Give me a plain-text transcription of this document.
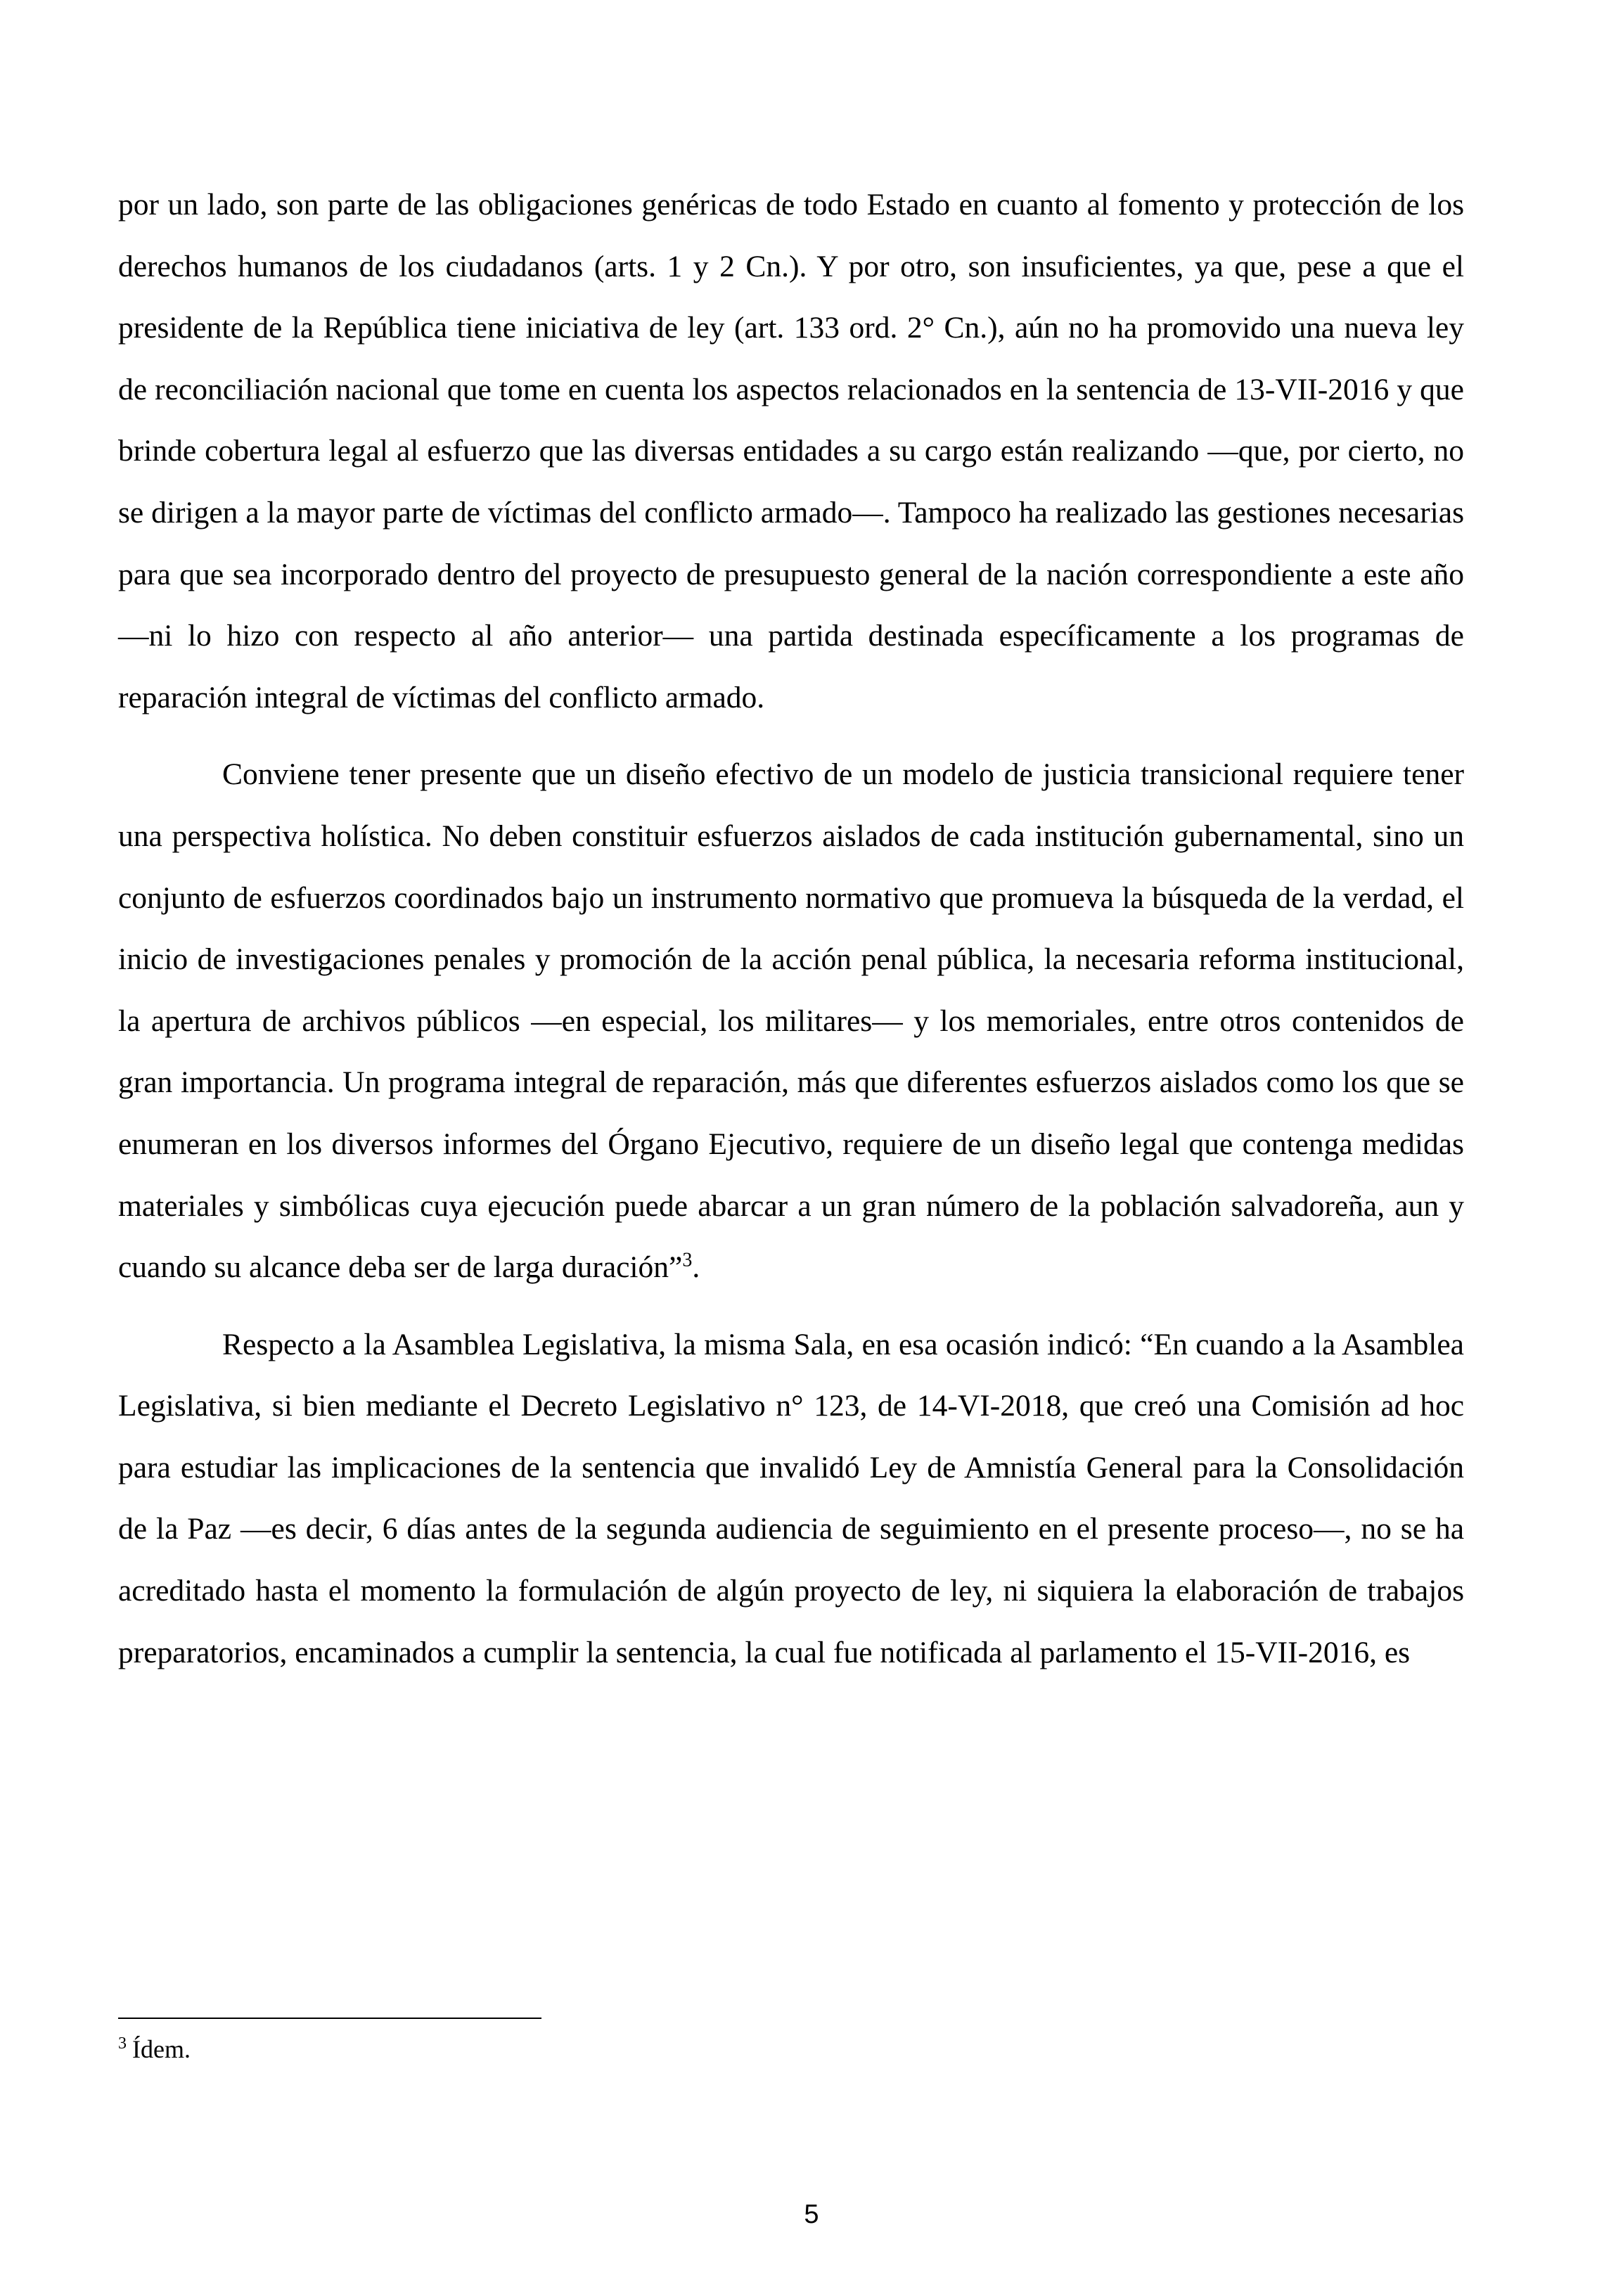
por un lado, son parte de las obligaciones genéricas de todo Estado en cuanto al fomento y protección de los derechos humanos de los ciudadanos (arts. 1 y 2 Cn.). Y por otro, son insuficientes, ya que, pese a que el presidente de la República tiene iniciativa de ley (art. 133 ord. 2° Cn.), aún no ha promovido una nueva ley de reconciliación nacional que tome en cuenta los aspectos relacionados en la sentencia de 13-VII-2016 y que brinde cobertura legal al esfuerzo que las diversas entidades a su cargo están realizando —que, por cierto, no se dirigen a la mayor parte de víctimas del conflicto armado—. Tampoco ha realizado las gestiones necesarias para que sea incorporado dentro del proyecto de presupuesto general de la nación correspondiente a este año —ni lo hizo con respecto al año anterior— una partida destinada específicamente a los programas de reparación integral de víctimas del conflicto armado.

Conviene tener presente que un diseño efectivo de un modelo de justicia transicional requiere tener una perspectiva holística. No deben constituir esfuerzos aislados de cada institución gubernamental, sino un conjunto de esfuerzos coordinados bajo un instrumento normativo que promueva la búsqueda de la verdad, el inicio de investigaciones penales y promoción de la acción penal pública, la necesaria reforma institucional, la apertura de archivos públicos —en especial, los militares— y los memoriales, entre otros contenidos de gran importancia. Un programa integral de reparación, más que diferentes esfuerzos aislados como los que se enumeran en los diversos informes del Órgano Ejecutivo, requiere de un diseño legal que contenga medidas materiales y simbólicas cuya ejecución puede abarcar a un gran número de la población salvadoreña, aun y cuando su alcance deba ser de larga duración”$^3$.

Respecto a la Asamblea Legislativa, la misma Sala, en esa ocasión indicó: “En cuando a la Asamblea Legislativa, si bien mediante el Decreto Legislativo n° 123, de 14-VI-2018, que creó una Comisión ad hoc para estudiar las implicaciones de la sentencia que invalidó Ley de Amnistía General para la Consolidación de la Paz —es decir, 6 días antes de la segunda audiencia de seguimiento en el presente proceso—, no se ha acreditado hasta el momento la formulación de algún proyecto de ley, ni siquiera la elaboración de trabajos preparatorios, encaminados a cumplir la sentencia, la cual fue notificada al parlamento el 15-VII-2016, es

$^3$ Ídem.
5
